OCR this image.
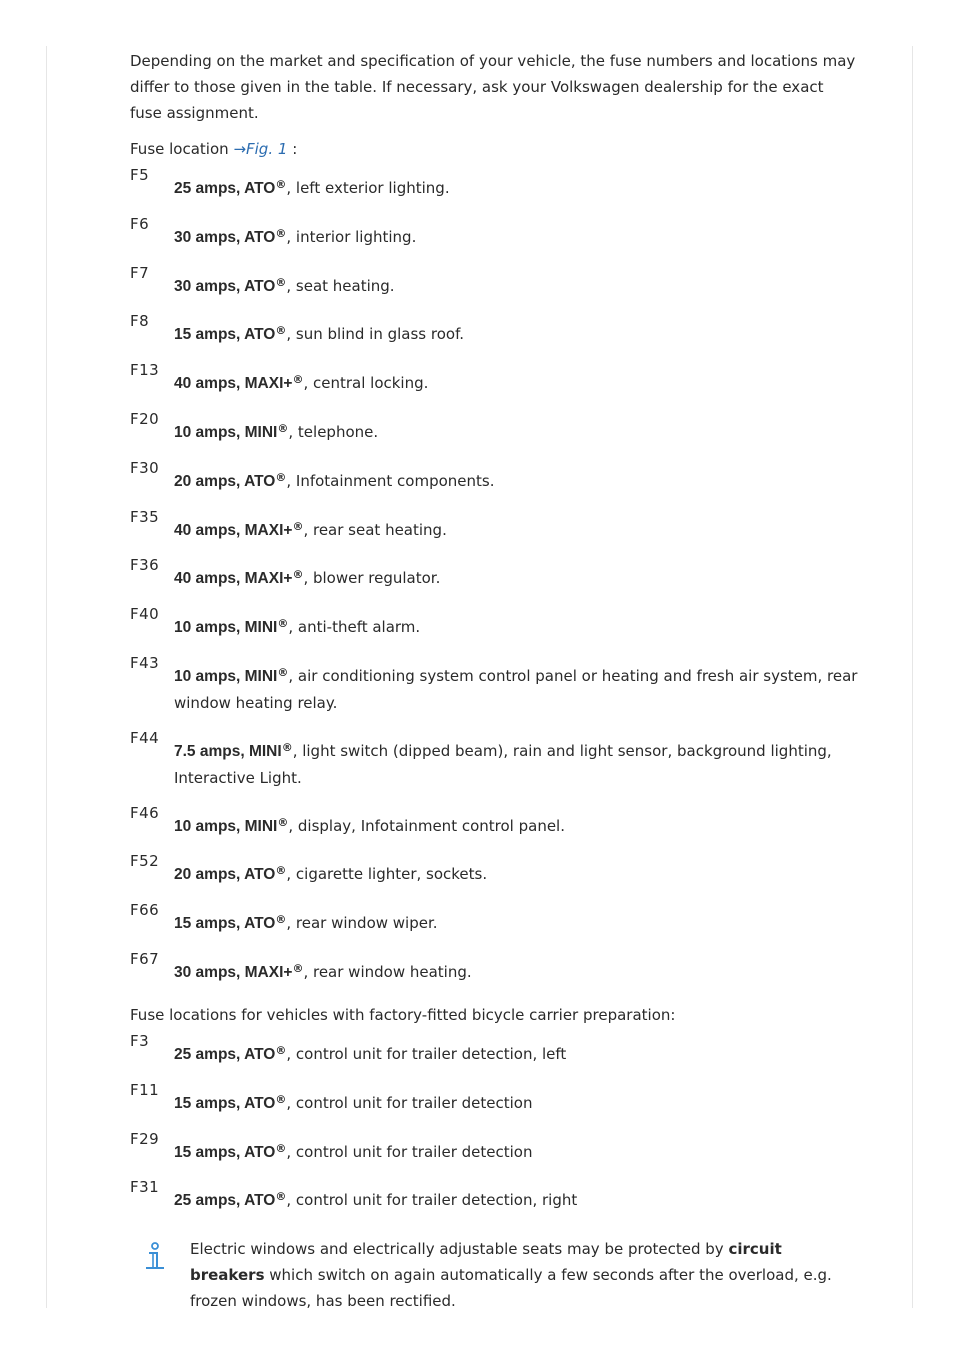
Depending on the market and specification of your vehicle, the fuse numbers and locations may differ to those given in the table. If necessary, ask your Volkswagen dealership for the exact fuse assignment.

Fuse location →Fig. 1 :

F5
25 amps, ATO®, left exterior lighting.
F6
30 amps, ATO®, interior lighting.
F7
30 amps, ATO®, seat heating.
F8
15 amps, ATO®, sun blind in glass roof.
F13
40 amps, MAXI+®, central locking.
F20
10 amps, MINI®, telephone.
F30
20 amps, ATO®, Infotainment components.
F35
40 amps, MAXI+®, rear seat heating.
F36
40 amps, MAXI+®, blower regulator.
F40
10 amps, MINI®, anti-theft alarm.
F43
10 amps, MINI®, air conditioning system control panel or heating and fresh air system, rear window heating relay.
F44
7.5 amps, MINI®, light switch (dipped beam), rain and light sensor, background lighting, Interactive Light.
F46
10 amps, MINI®, display, Infotainment control panel.
F52
20 amps, ATO®, cigarette lighter, sockets.
F66
15 amps, ATO®, rear window wiper.
F67
30 amps, MAXI+®, rear window heating.

Fuse locations for vehicles with factory-fitted bicycle carrier preparation:

F3
25 amps, ATO®, control unit for trailer detection, left
F11
15 amps, ATO®, control unit for trailer detection
F29
15 amps, ATO®, control unit for trailer detection
F31
25 amps, ATO®, control unit for trailer detection, right
Electric windows and electrically adjustable seats may be protected by circuit breakers which switch on again automatically a few seconds after the overload, e.g. frozen windows, has been rectified.
